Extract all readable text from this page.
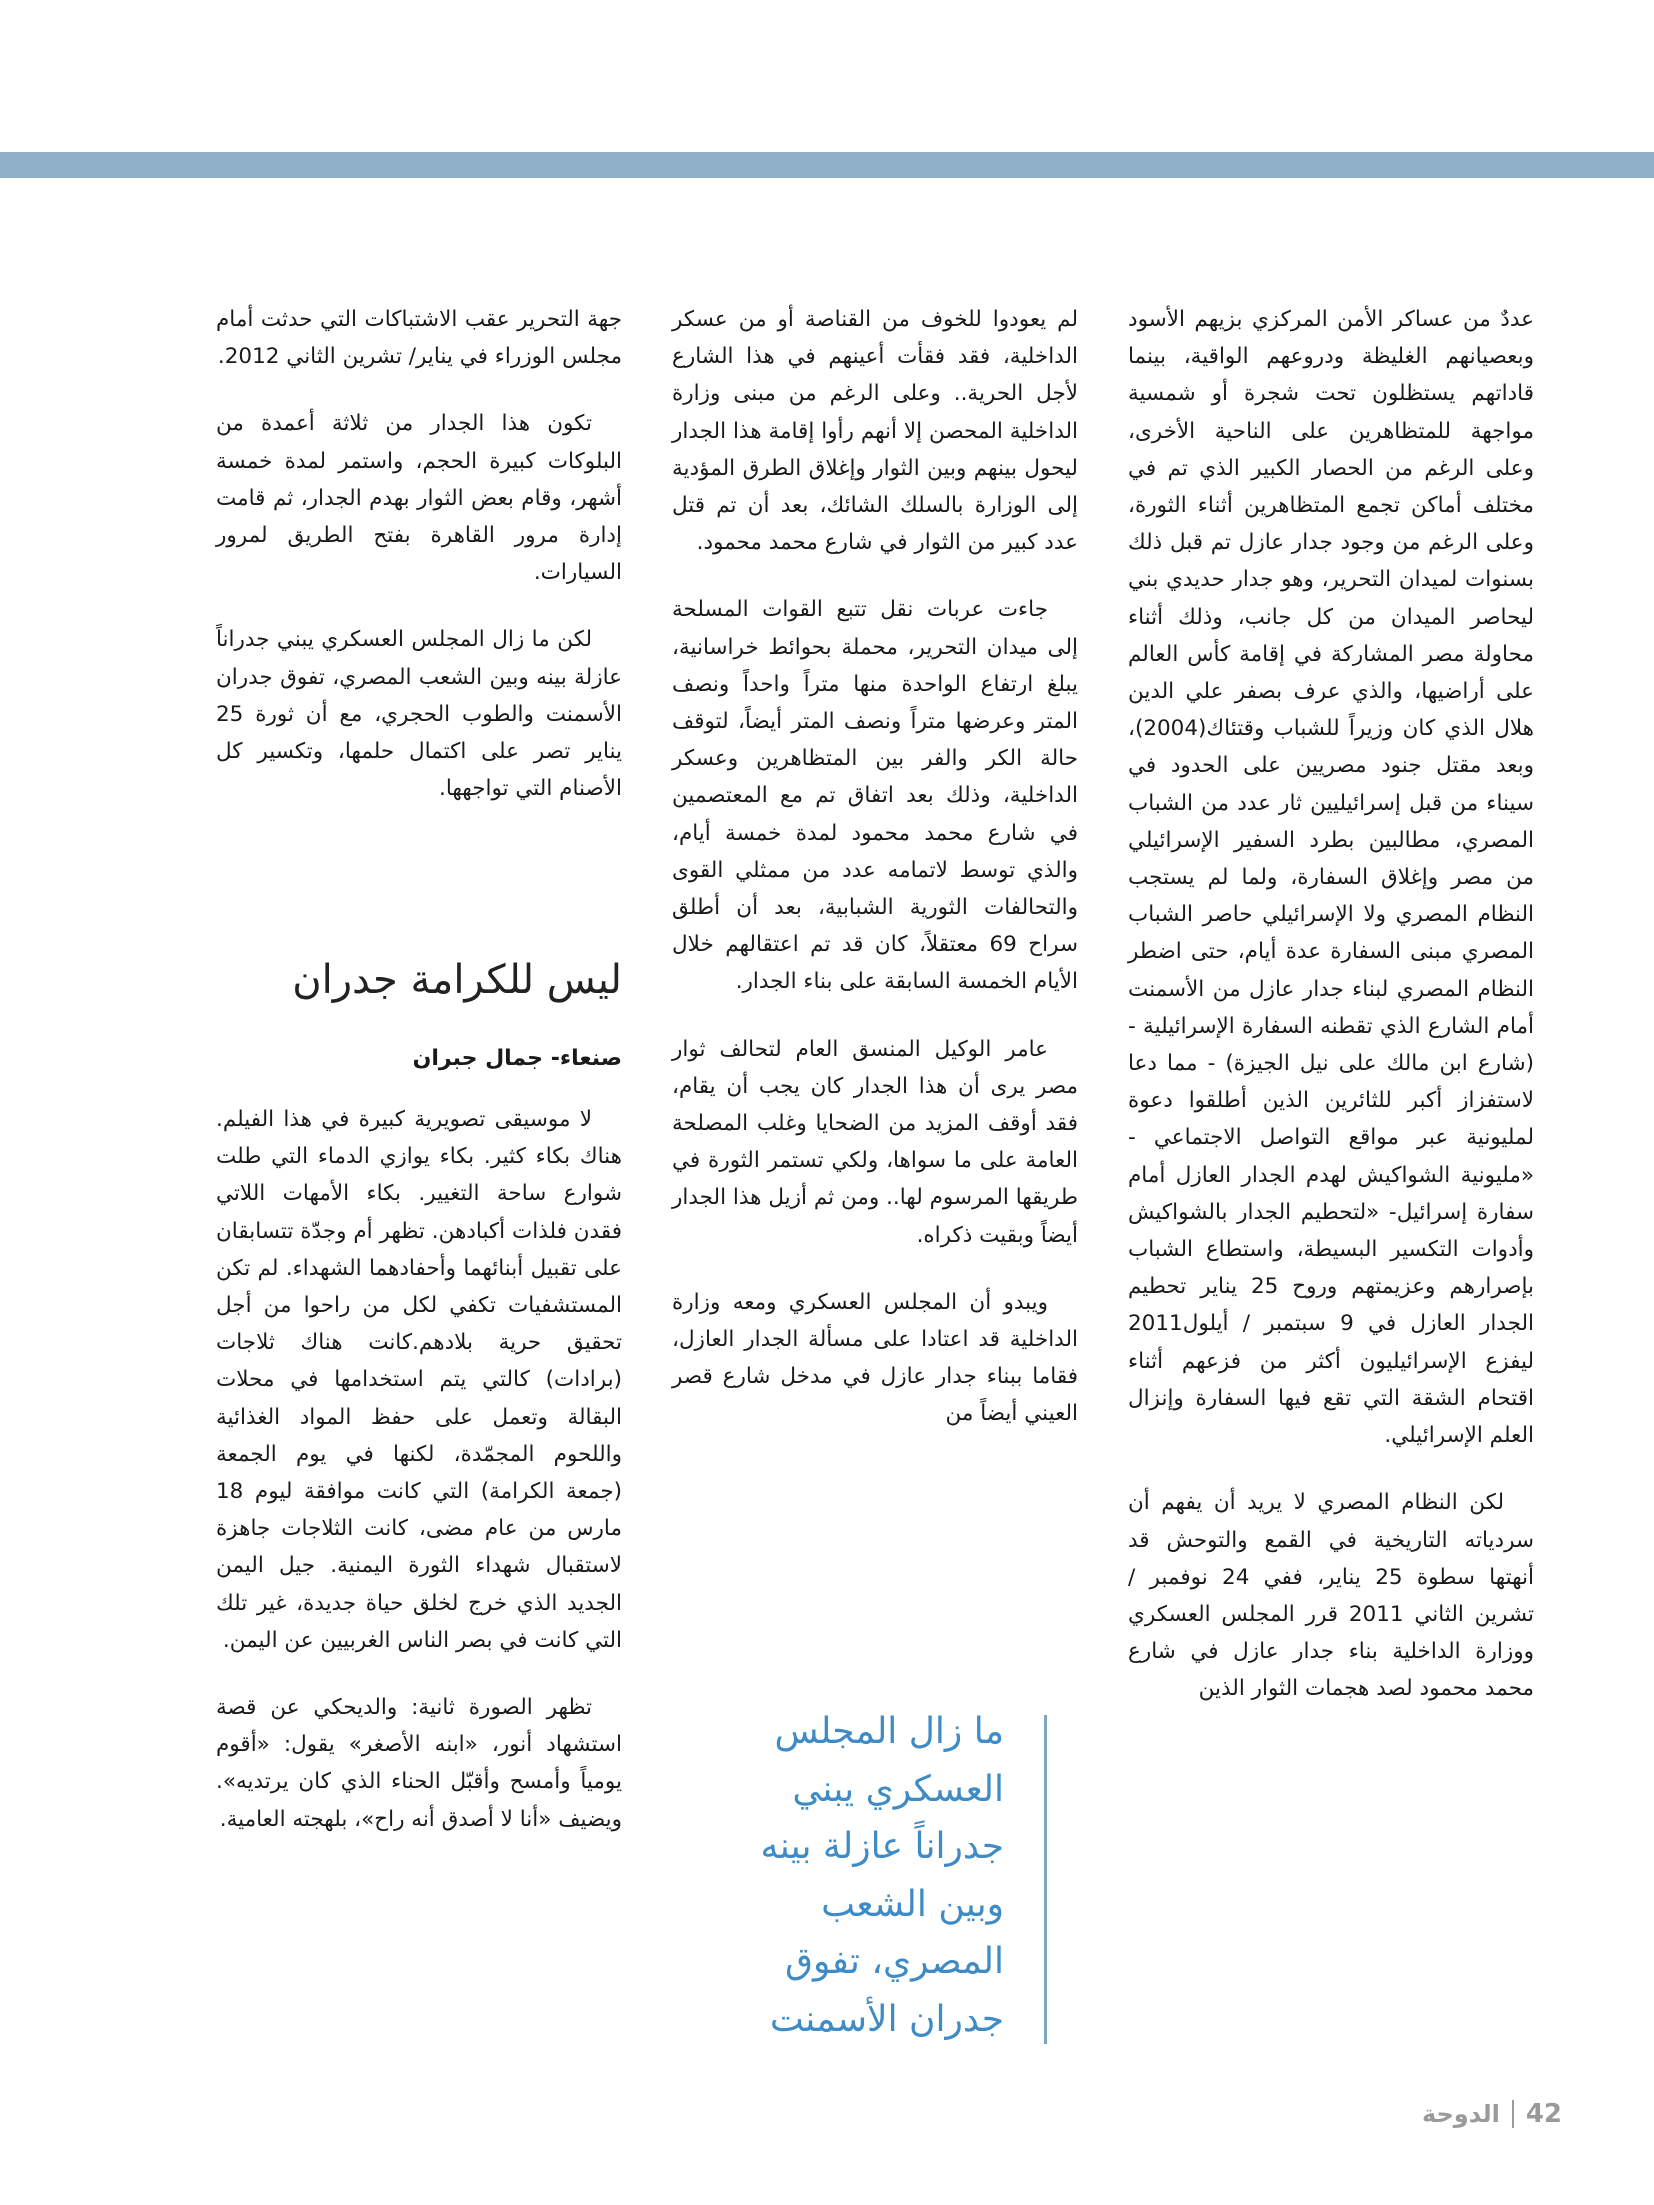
عددٌ من عساكر الأمن المركزي بزيهم الأسود وبعصيانهم الغليظة ودروعهم الواقية، بينما قاداتهم يستظلون تحت شجرة أو شمسية مواجهة للمتظاهرين على الناحية الأخرى، وعلى الرغم من الحصار الكبير الذي تم في مختلف أماكن تجمع المتظاهرين أثناء الثورة، وعلى الرغم من وجود جدار عازل تم قبل ذلك بسنوات لميدان التحرير، وهو جدار حديدي بني ليحاصر الميدان من كل جانب، وذلك أثناء محاولة مصر المشاركة في إقامة كأس العالم على أراضيها، والذي عرف بصفر علي الدين هلال الذي كان وزيراً للشباب وقتئاك(2004)، وبعد مقتل جنود مصريين على الحدود في سيناء من قبل إسرائيليين ثار عدد من الشباب المصري، مطالبين بطرد السفير الإسرائيلي من مصر وإغلاق السفارة، ولما لم يستجب النظام المصري ولا الإسرائيلي حاصر الشباب المصري مبنى السفارة عدة أيام، حتى اضطر النظام المصري لبناء جدار عازل من الأسمنت أمام الشارع الذي تقطنه السفارة الإسرائيلية - (شارع ابن مالك على نيل الجيزة) - مما دعا لاستفزاز أكبر للثائرين الذين أطلقوا دعوة لمليونية عبر مواقع التواصل الاجتماعي - «مليونية الشواكيش لهدم الجدار العازل أمام سفارة إسرائيل- «لتحطيم الجدار بالشواكيش وأدوات التكسير البسيطة، واستطاع الشباب بإصرارهم وعزيمتهم وروح 25 يناير تحطيم الجدار العازل في 9 سبتمبر / أيلول2011 ليفزع الإسرائيليون أكثر من فزعهم أثناء اقتحام الشقة التي تقع فيها السفارة وإنزال العلم الإسرائيلي.

لكن النظام المصري لا يريد أن يفهم أن سردياته التاريخية في القمع والتوحش قد أنهتها سطوة 25 يناير، ففي 24 نوفمبر / تشرين الثاني 2011 قرر المجلس العسكري ووزارة الداخلية بناء جدار عازل في شارع محمد محمود لصد هجمات الثوار الذين

لم يعودوا للخوف من القناصة أو من عسكر الداخلية، فقد فقأت أعينهم في هذا الشارع لأجل الحرية.. وعلى الرغم من مبنى وزارة الداخلية المحصن إلا أنهم رأوا إقامة هذا الجدار ليحول بينهم وبين الثوار وإغلاق الطرق المؤدية إلى الوزارة بالسلك الشائك، بعد أن تم قتل عدد كبير من الثوار في شارع محمد محمود.

جاءت عربات نقل تتبع القوات المسلحة إلى ميدان التحرير، محملة بحوائط خراسانية، يبلغ ارتفاع الواحدة منها متراً واحداً ونصف المتر وعرضها متراً ونصف المتر أيضاً، لتوقف حالة الكر والفر بين المتظاهرين وعسكر الداخلية، وذلك بعد اتفاق تم مع المعتصمين في شارع محمد محمود لمدة خمسة أيام، والذي توسط لاتمامه عدد من ممثلي القوى والتحالفات الثورية الشبابية، بعد أن أطلق سراح 69 معتقلاً، كان قد تم اعتقالهم خلال الأيام الخمسة السابقة على بناء الجدار.

عامر الوكيل المنسق العام لتحالف ثوار مصر يرى أن هذا الجدار كان يجب أن يقام، فقد أوقف المزيد من الضحايا وغلب المصلحة العامة على ما سواها، ولكي تستمر الثورة في طريقها المرسوم لها.. ومن ثم أزيل هذا الجدار أيضاً وبقيت ذكراه.

ويبدو أن المجلس العسكري ومعه وزارة الداخلية قد اعتادا على مسألة الجدار العازل، فقاما ببناء جدار عازل في مدخل شارع قصر العيني أيضاً من

جهة التحرير عقب الاشتباكات التي حدثت أمام مجلس الوزراء في يناير/ تشرين الثاني 2012.

تكون هذا الجدار من ثلاثة أعمدة من البلوكات كبيرة الحجم، واستمر لمدة خمسة أشهر، وقام بعض الثوار بهدم الجدار، ثم قامت إدارة مرور القاهرة بفتح الطريق لمرور السيارات.

لكن ما زال المجلس العسكري يبني جدراناً عازلة بينه وبين الشعب المصري، تفوق جدران الأسمنت والطوب الحجري، مع أن ثورة 25 يناير تصر على اكتمال حلمها، وتكسير كل الأصنام التي تواجهها.

ليس للكرامة جدران
صنعاء- جمال جبران

لا موسيقى تصويرية كبيرة في هذا الفيلم. هناك بكاء كثير. بكاء يوازي الدماء التي طلت شوارع ساحة التغيير. بكاء الأمهات اللاتي فقدن فلذات أكبادهن. تظهر أم وجدّة تتسابقان على تقبيل أبنائهما وأحفادهما الشهداء. لم تكن المستشفيات تكفي لكل من راحوا من أجل تحقيق حرية بلادهم.كانت هناك ثلاجات (برادات) كالتي يتم استخدامها في محلات البقالة وتعمل على حفظ المواد الغذائية واللحوم المجمّدة، لكنها في يوم الجمعة (جمعة الكرامة) التي كانت موافقة ليوم 18 مارس من عام مضى، كانت الثلاجات جاهزة لاستقبال شهداء الثورة اليمنية. جيل اليمن الجديد الذي خرج لخلق حياة جديدة، غير تلك التي كانت في بصر الناس الغربيين عن اليمن.

تظهر الصورة ثانية: والديحكي عن قصة استشهاد أنور، «ابنه الأصغر» يقول: «أقوم يومياً وأمسح وأقبّل الحناء الذي كان يرتديه». ويضيف «أنا لا أصدق أنه راح»، بلهجته العامية.

ما زال المجلس
العسكري يبني
جدراناً عازلة بينه
وبين الشعب
المصري، تفوق
جدران الأسمنت
الدوحة 42
